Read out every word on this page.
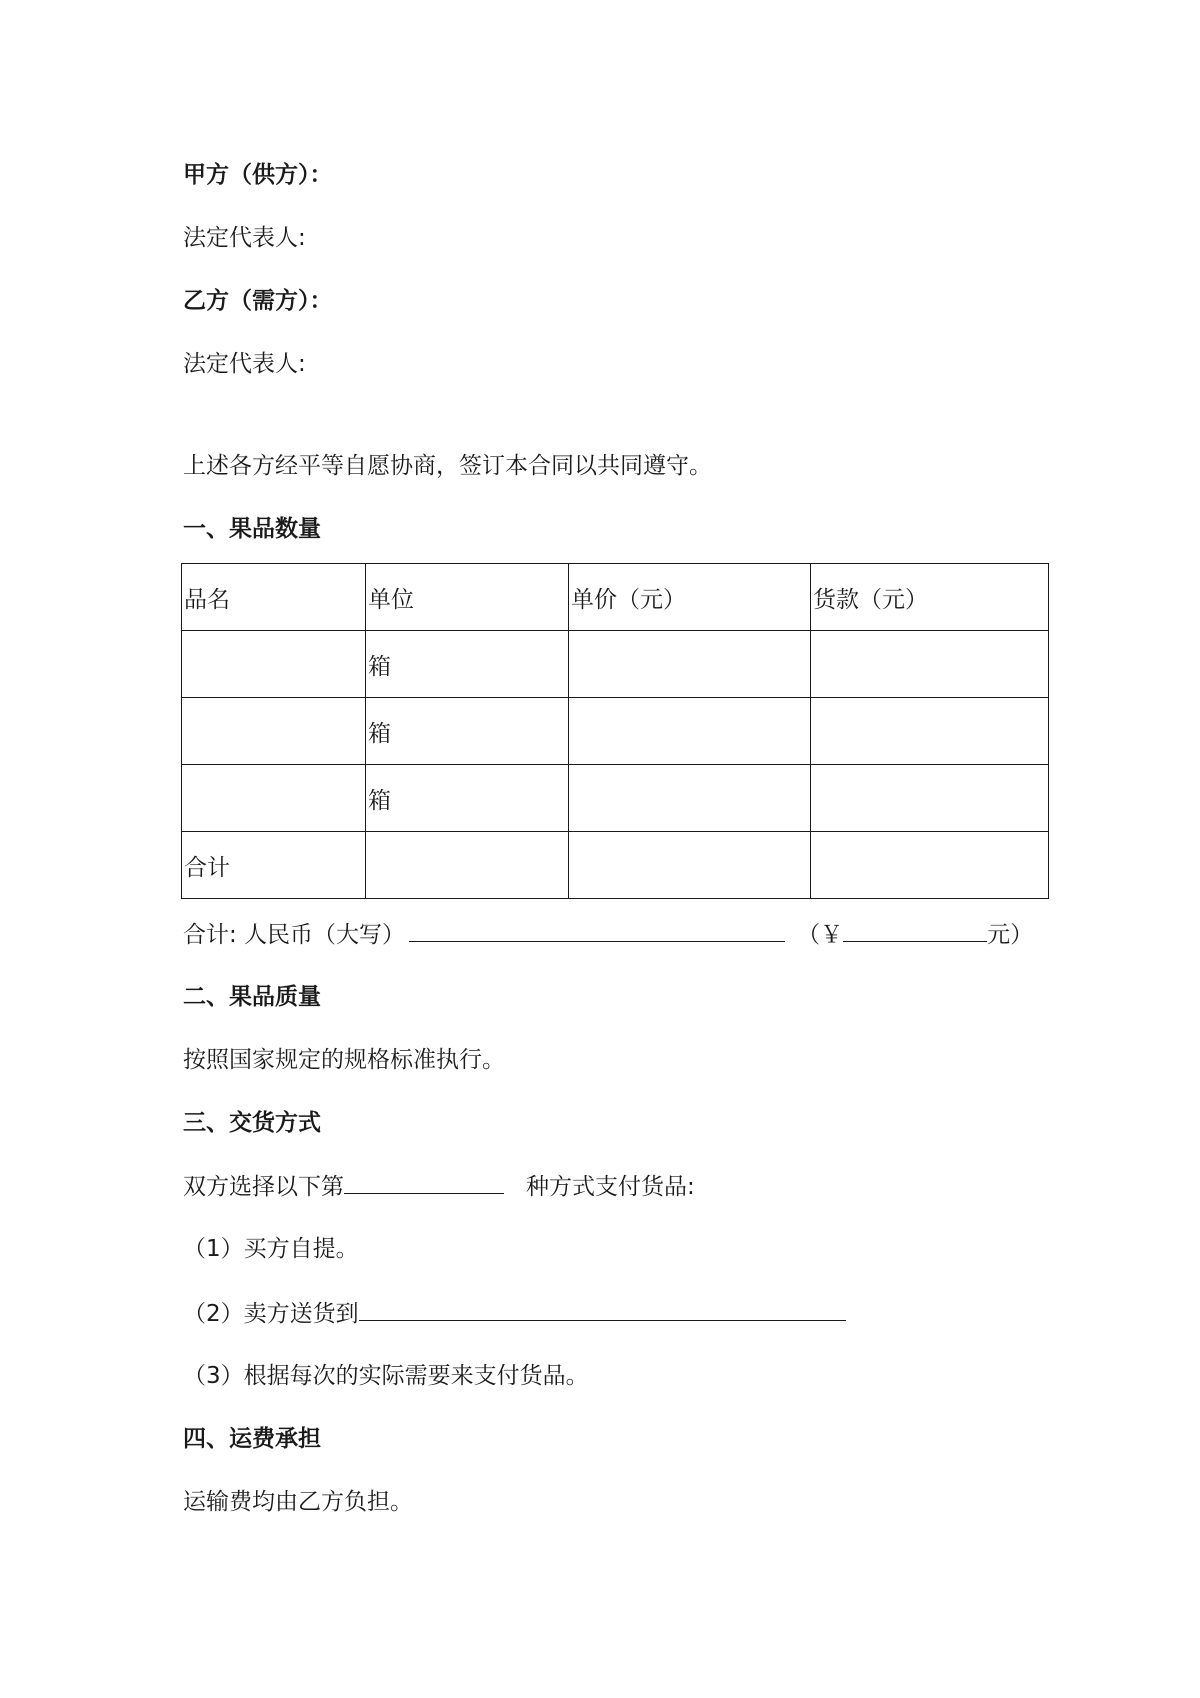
甲方（供方）：
法定代表人:
乙方（需方）：
法定代表人:
上述各方经平等自愿协商，签订本合同以共同遵守。
一、果品数量
品名	单位	单价（元）	货款（元）
	箱		
	箱		
	箱		
合计			
合计: 人民币（大写）	（￥	元）
二、果品质量
按照国家规定的规格标准执行。
三、交货方式
双方选择以下第	种方式支付货品:
（1）买方自提。
（2）卖方送货到
（3）根据每次的实际需要来支付货品。
四、运费承担
运输费均由乙方负担。
